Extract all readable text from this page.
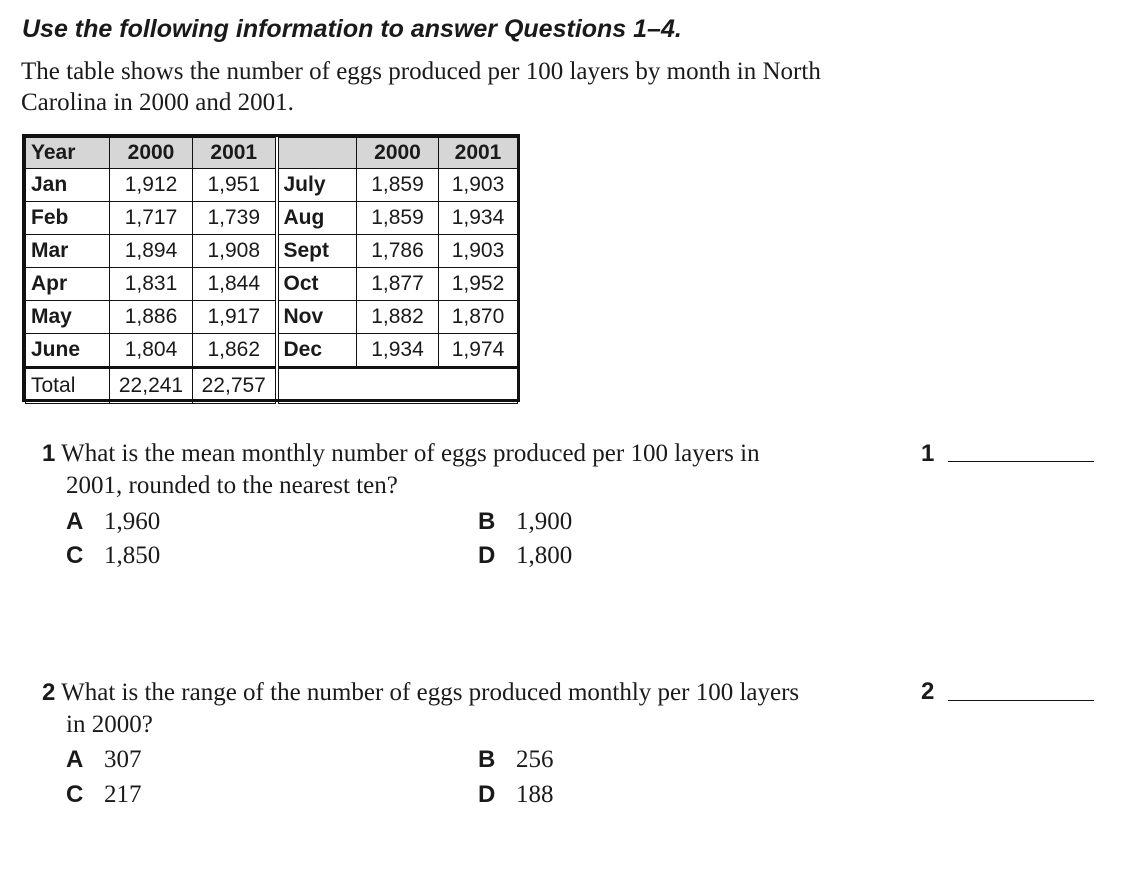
Use the following information to answer Questions 1–4.

The table shows the number of eggs produced per 100 layers by month in North Carolina in 2000 and 2001.

Year	2000	2001		2000	2001
Jan	1,912	1,951	July	1,859	1,903
Feb	1,717	1,739	Aug	1,859	1,934
Mar	1,894	1,908	Sept	1,786	1,903
Apr	1,831	1,844	Oct	1,877	1,952
May	1,886	1,917	Nov	1,882	1,870
June	1,804	1,862	Dec	1,934	1,974
Total	22,241	22,757			
1 What is the mean monthly number of eggs produced per 100 layers in
2001, rounded to the nearest ten?
A 1,960	B 1,900
C 1,850	D 1,800
1
2 What is the range of the number of eggs produced monthly per 100 layers
in 2000?
A 307	B 256
C 217	D 188
2
